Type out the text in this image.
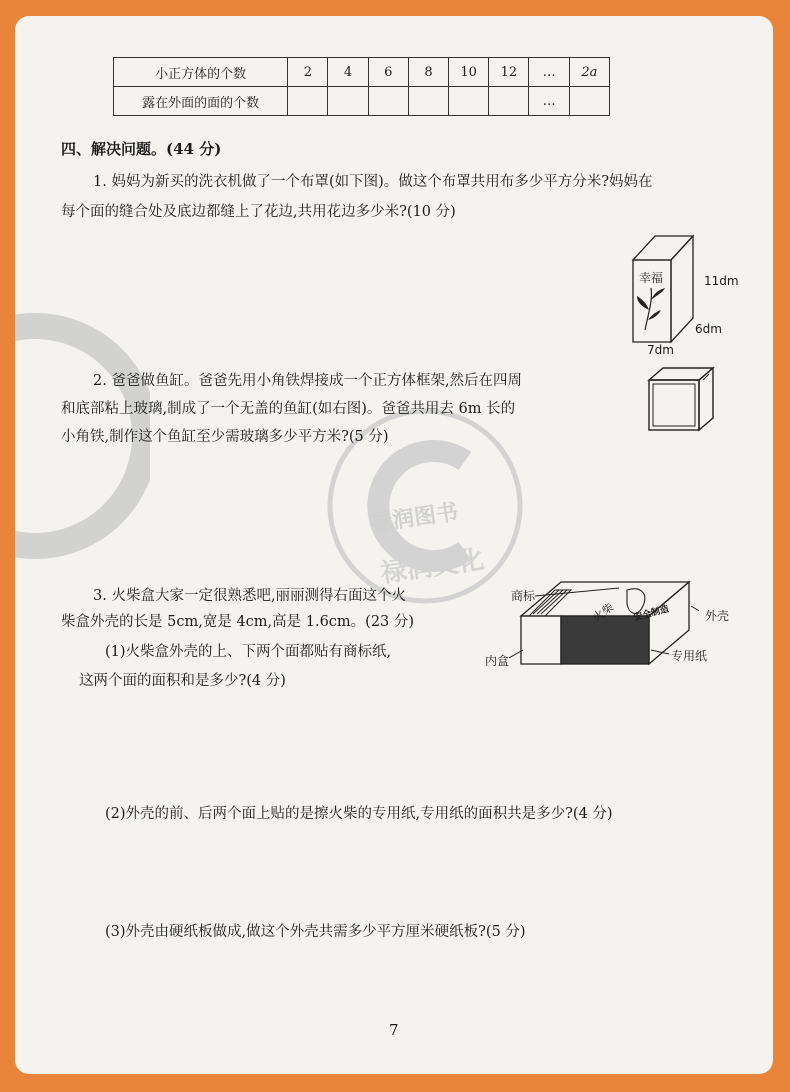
禄润图书
禄润文化
小正方体的个数	2	4	6	8	10	12	…	2a
露在外面的面的个数							…	
四、解决问题。(44 分)
1. 妈妈为新买的洗衣机做了一个布罩(如下图)。做这个布罩共用布多少平方分米?妈妈在
每个面的缝合处及底边都缝上了花边,共用花边多少米?(10 分)
幸福	11dm
6dm
7dm
2. 爸爸做鱼缸。爸爸先用小角铁焊接成一个正方体框架,然后在四周
和底部粘上玻璃,制成了一个无盖的鱼缸(如右图)。爸爸共用去 6m 长的
小角铁,制作这个鱼缸至少需玻璃多少平方米?(5 分)
3. 火柴盒大家一定很熟悉吧,丽丽测得右面这个火
柴盒外壳的长是 5cm,宽是 4cm,高是 1.6cm。(23 分)
(1)火柴盒外壳的上、下两个面都贴有商标纸,
这两个面的面积和是多少?(4 分)
火柴 安全制造
商标
外壳
内盒	专用纸
(2)外壳的前、后两个面上贴的是擦火柴的专用纸,专用纸的面积共是多少?(4 分)
(3)外壳由硬纸板做成,做这个外壳共需多少平方厘米硬纸板?(5 分)
7
